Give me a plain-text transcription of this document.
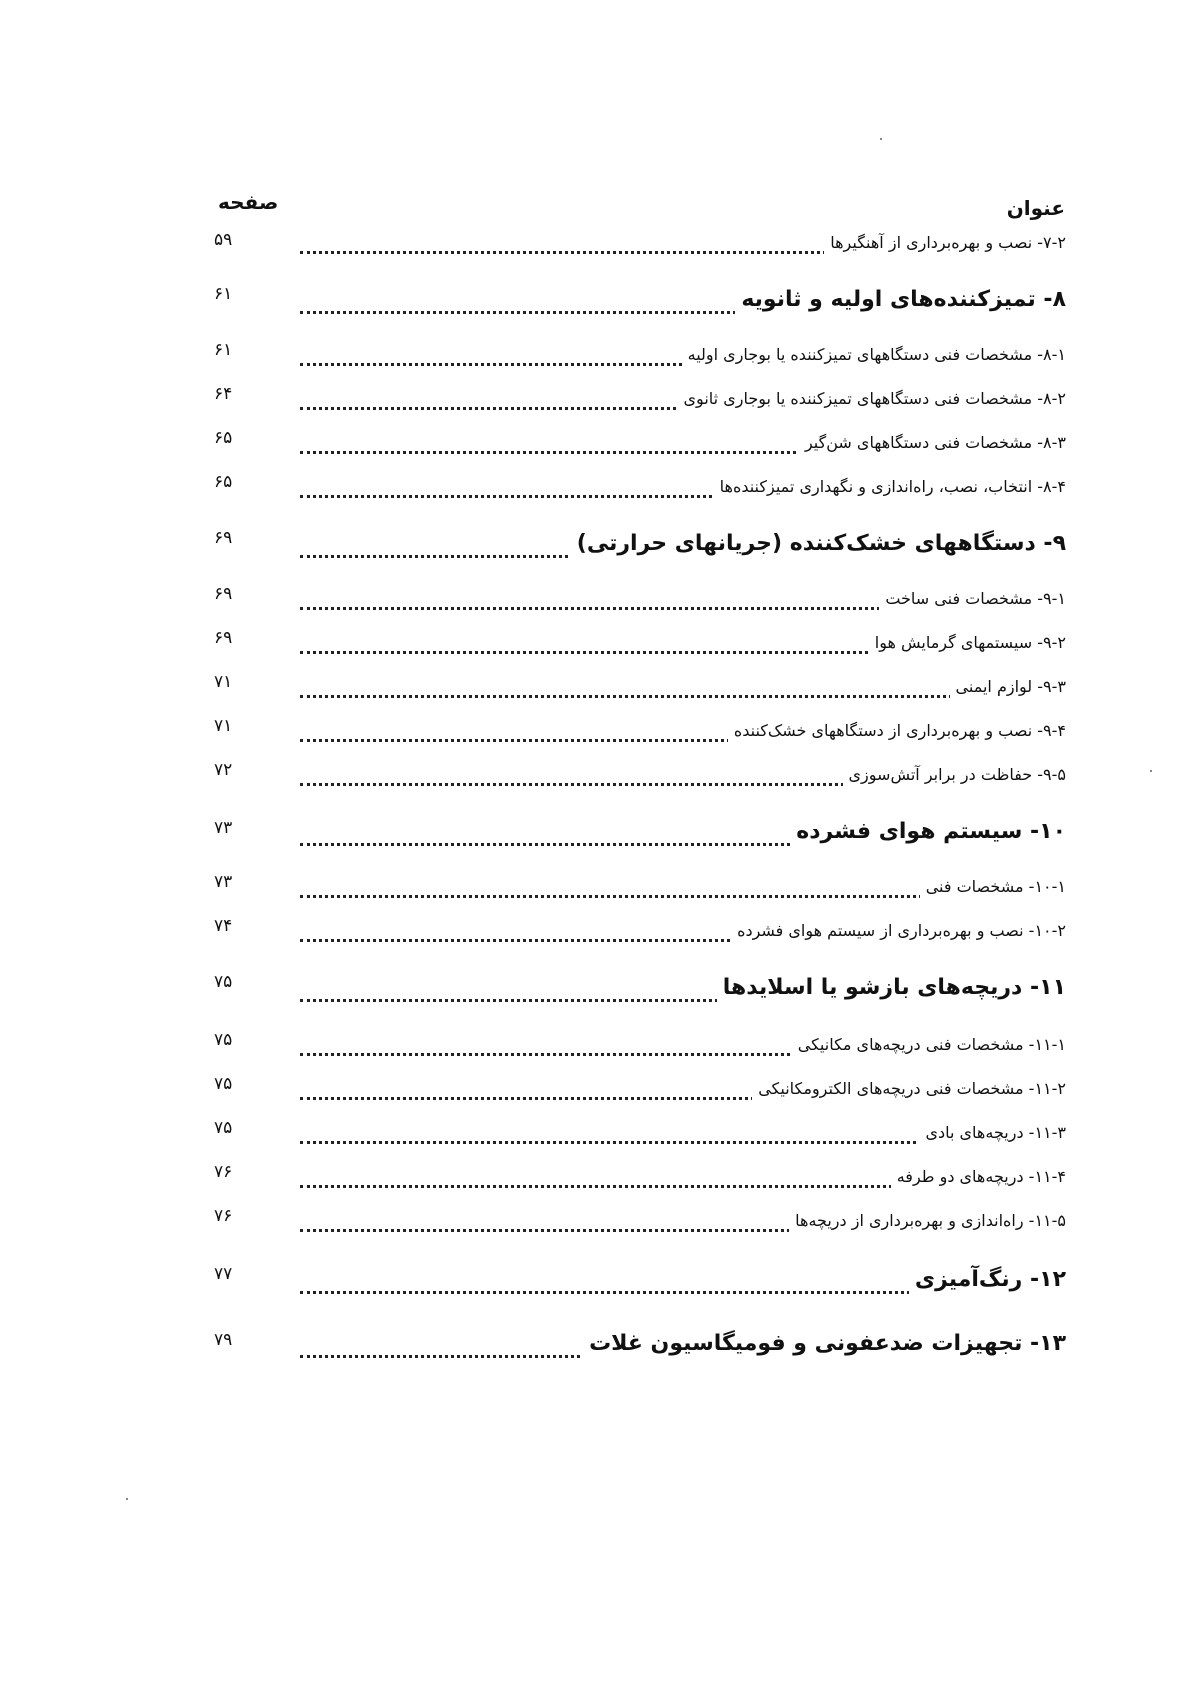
عنوان
صفحه
۷-۲- نصب و بهره‌برداری از آهنگیرها
۵۹
۸- تمیزکننده‌های اولیه و ثانویه
۶۱
۸-۱- مشخصات فنی دستگاههای تمیزکننده یا بوجاری اولیه
۶۱
۸-۲- مشخصات فنی دستگاههای تمیزکننده یا بوجاری ثانوی
۶۴
۸-۳- مشخصات فنی دستگاههای شن‌گیر
۶۵
۸-۴- انتخاب، نصب، راه‌اندازی و نگهداری تمیزکننده‌ها
۶۵
۹- دستگاههای خشک‌کننده (جریانهای حرارتی)
۶۹
۹-۱- مشخصات فنی ساخت
۶۹
۹-۲- سیستمهای گرمایش هوا
۶۹
۹-۳- لوازم ایمنی
۷۱
۹-۴- نصب و بهره‌برداری از دستگاههای خشک‌کننده
۷۱
۹-۵- حفاظت در برابر آتش‌سوزی
۷۲
۱۰- سیستم هوای فشرده
۷۳
۱۰-۱- مشخصات فنی
۷۳
۱۰-۲- نصب و بهره‌برداری از سیستم هوای فشرده
۷۴
۱۱- دریچه‌های بازشو یا اسلایدها
۷۵
۱۱-۱- مشخصات فنی دریچه‌های مکانیکی
۷۵
۱۱-۲- مشخصات فنی دریچه‌های الکترومکانیکی
۷۵
۱۱-۳- دریچه‌های بادی
۷۵
۱۱-۴- دریچه‌های دو طرفه
۷۶
۱۱-۵- راه‌اندازی و بهره‌برداری از دریچه‌ها
۷۶
۱۲- رنگ‌آمیزی
۷۷
۱۳- تجهیزات ضدعفونی و فومیگاسیون غلات
۷۹
